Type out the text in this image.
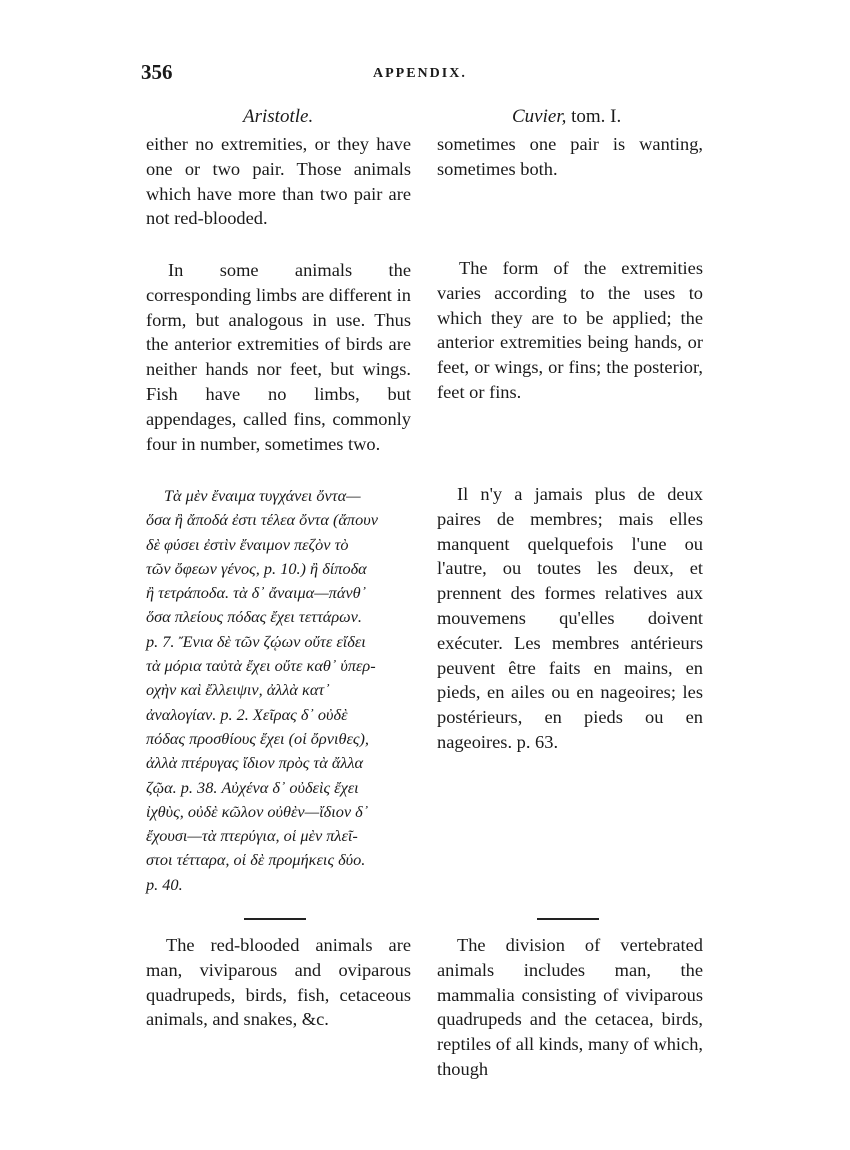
356	APPENDIX.
Aristotle.

either no extremities, or they have one or two pair. Those animals which have more than two pair are not red-blooded.

In some animals the corresponding limbs are different in form, but analogous in use. Thus the anterior extremities of birds are neither hands nor feet, but wings. Fish have no limbs, but appendages, called fins, commonly four in number, sometimes two.

Τὰ μὲν ἔναιμα τυγχάνει ὄντα—
ὅσα ἢ ἄποδά ἐστι τέλεα ὄντα (ἄπουν
δὲ φύσει ἐστὶν ἔναιμον πεζὸν τὸ
τῶν ὄφεων γένος, p. 10.) ἢ δίποδα
ἢ τετράποδα. τὰ δ᾽ ἄναιμα—πάνθ᾽
ὅσα πλείους πόδας ἔχει τεττάρων.
p. 7. Ἔνια δὲ τῶν ζῴων οὔτε εἴδει
τὰ μόρια ταὐτὰ ἔχει οὔτε καθ᾽ ὑπερ-
οχὴν καὶ ἔλλειψιν, ἀλλὰ κατ᾽
ἀναλογίαν. p. 2. Χεῖρας δ᾽ οὐδὲ
πόδας προσθίους ἔχει (οἱ ὄρνιθες),
ἀλλὰ πτέρυγας ἴδιον πρὸς τὰ ἄλλα
ζῷα. p. 38. Αὐχένα δ᾽ οὐδεὶς ἔχει
ἰχθὺς, οὐδὲ κῶλον οὐθὲν—ἴδιον δ᾽
ἔχουσι—τὰ πτερύγια, οἱ μὲν πλεῖ-
στοι τέτταρα, οἱ δὲ προμήκεις δύο.
p. 40.

The red-blooded animals are man, viviparous and oviparous quadrupeds, birds, fish, cetaceous animals, and snakes, &c.

Cuvier, tom. I.

sometimes one pair is wanting, sometimes both.

The form of the extremities varies according to the uses to which they are to be applied; the anterior extremities being hands, or feet, or wings, or fins; the posterior, feet or fins.

Il n'y a jamais plus de deux paires de membres; mais elles manquent quelquefois l'une ou l'autre, ou toutes les deux, et prennent des formes relatives aux mouvemens qu'elles doivent exécuter. Les membres antérieurs peuvent être faits en mains, en pieds, en ailes ou en nageoires; les postérieurs, en pieds ou en nageoires. p. 63.

The division of vertebrated animals includes man, the mammalia consisting of viviparous quadrupeds and the cetacea, birds, reptiles of all kinds, many of which, though
